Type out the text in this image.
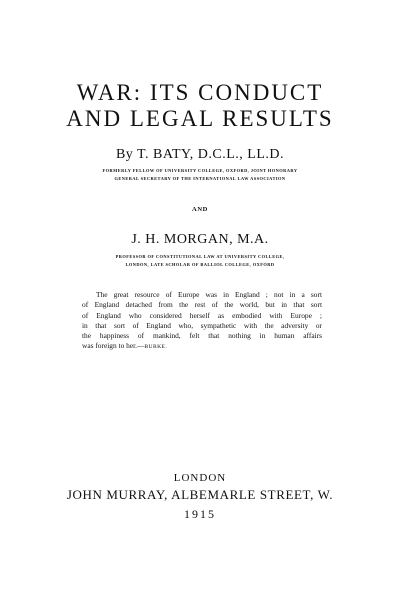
WAR: ITS CONDUCT
AND LEGAL RESULTS
By T. BATY, D.C.L., LL.D.
FORMERLY FELLOW OF UNIVERSITY COLLEGE, OXFORD, JOINT HONORARY
GENERAL SECRETARY OF THE INTERNATIONAL LAW ASSOCIATION
AND
J. H. MORGAN, M.A.
PROFESSOR OF CONSTITUTIONAL LAW AT UNIVERSITY COLLEGE,
LONDON, LATE SCHOLAR OF BALLIOL COLLEGE, OXFORD
The great resource of Europe was in England ; not in a sort
of England detached from the rest of the world, but in that sort
of England who considered herself as embodied with Europe ;
in that sort of England who, sympathetic with the adversity or
the happiness of mankind, felt that nothing in human affairs
was foreign to her.—BURKE.
LONDON
JOHN MURRAY, ALBEMARLE STREET, W.
1915
